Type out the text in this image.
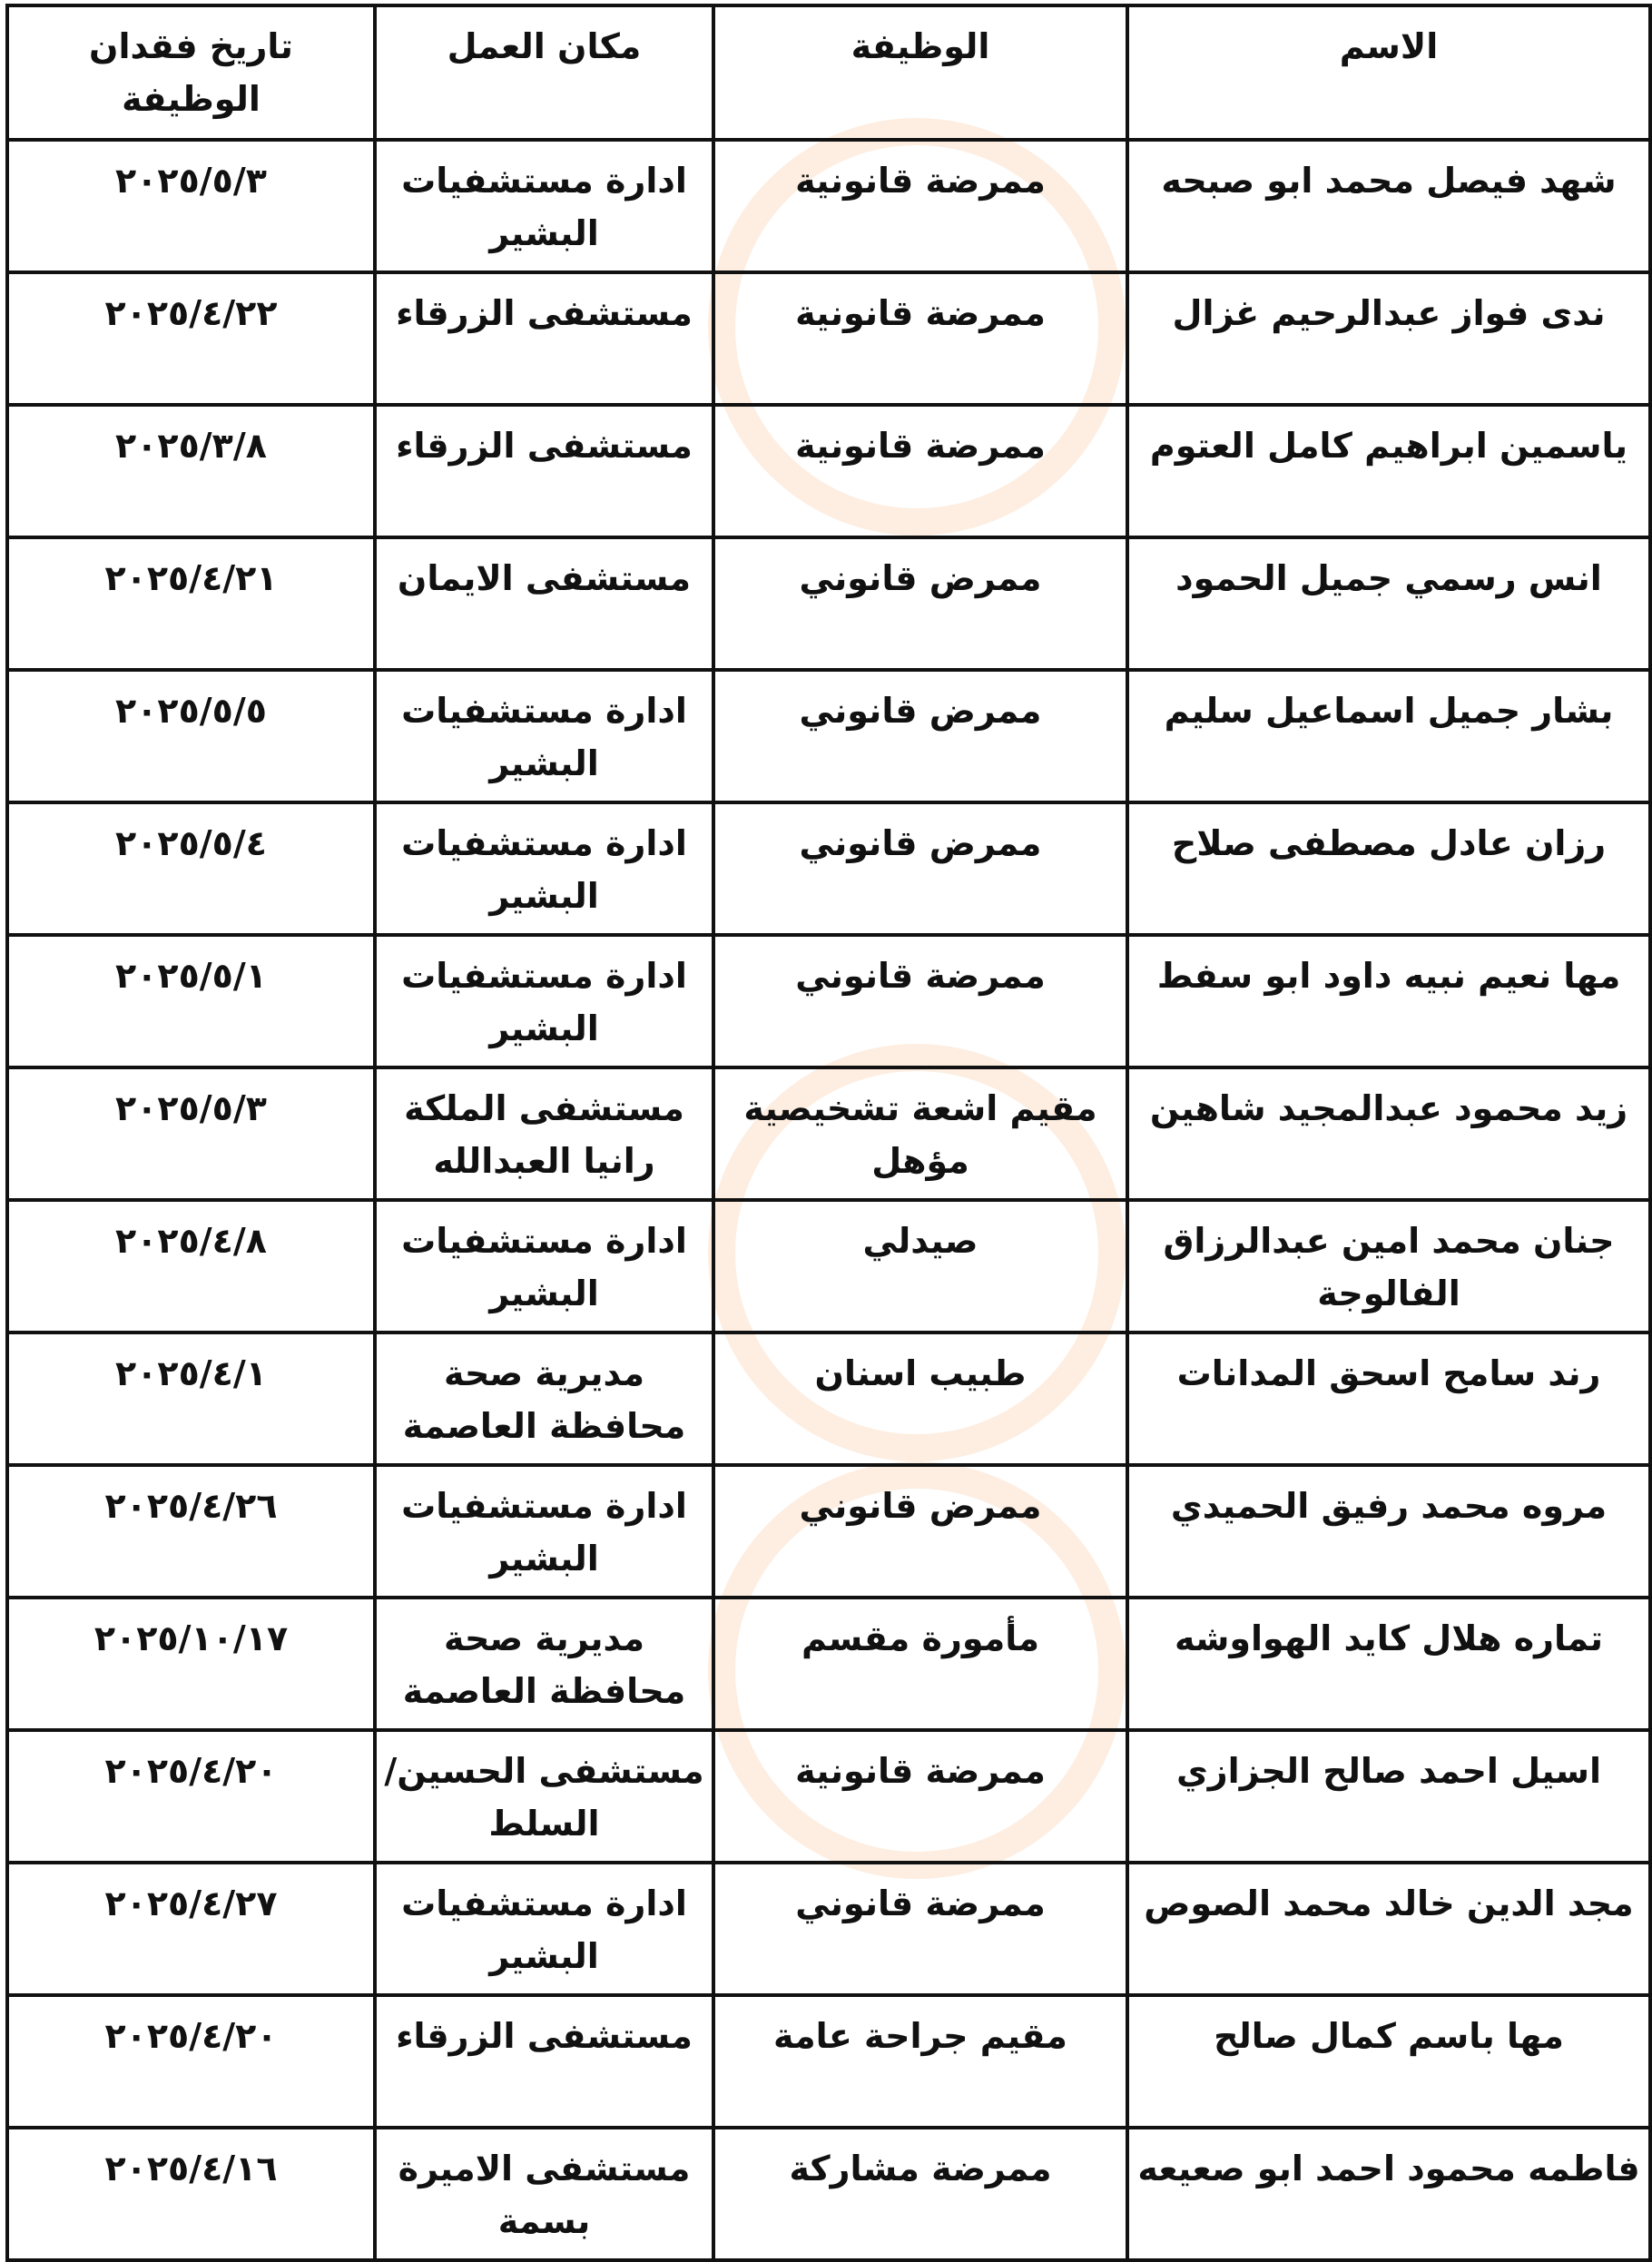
الاسم	الوظيفة	مكان العمل	تاريخ فقدان الوظيفة
شهد فيصل محمد ابو صبحه	ممرضة قانونية	ادارة مستشفيات البشير	٢٠٢٥/٥/٣
ندى فواز عبدالرحيم غزال	ممرضة قانونية	مستشفى الزرقاء	٢٠٢٥/٤/٢٢
ياسمين ابراهيم كامل العتوم	ممرضة قانونية	مستشفى الزرقاء	٢٠٢٥/٣/٨
انس رسمي جميل الحمود	ممرض قانوني	مستشفى الايمان	٢٠٢٥/٤/٢١
بشار جميل اسماعيل سليم	ممرض قانوني	ادارة مستشفيات البشير	٢٠٢٥/٥/٥
رزان عادل مصطفى صلاح	ممرض قانوني	ادارة مستشفيات البشير	٢٠٢٥/٥/٤
مها نعيم نبيه داود ابو سفط	ممرضة قانوني	ادارة مستشفيات البشير	٢٠٢٥/٥/١
زيد محمود عبدالمجيد شاهين	مقيم اشعة تشخيصية مؤهل	مستشفى الملكة رانيا العبدالله	٢٠٢٥/٥/٣
جنان محمد امين عبدالرزاق الفالوجة	صيدلي	ادارة مستشفيات البشير	٢٠٢٥/٤/٨
رند سامح اسحق المدانات	طبيب اسنان	مديرية صحة محافظة العاصمة	٢٠٢٥/٤/١
مروه محمد رفيق الحميدي	ممرض قانوني	ادارة مستشفيات البشير	٢٠٢٥/٤/٢٦
تماره هلال كايد الهواوشه	مأمورة مقسم	مديرية صحة محافظة العاصمة	٢٠٢٥/١٠/١٧
اسيل احمد صالح الجزازي	ممرضة قانونية	مستشفى الحسين/ السلط	٢٠٢٥/٤/٢٠
مجد الدين خالد محمد الصوص	ممرضة قانوني	ادارة مستشفيات البشير	٢٠٢٥/٤/٢٧
مها باسم كمال صالح	مقيم جراحة عامة	مستشفى الزرقاء	٢٠٢٥/٤/٢٠
فاطمه محمود احمد ابو صعيعه	ممرضة مشاركة	مستشفى الاميرة بسمة	٢٠٢٥/٤/١٦
